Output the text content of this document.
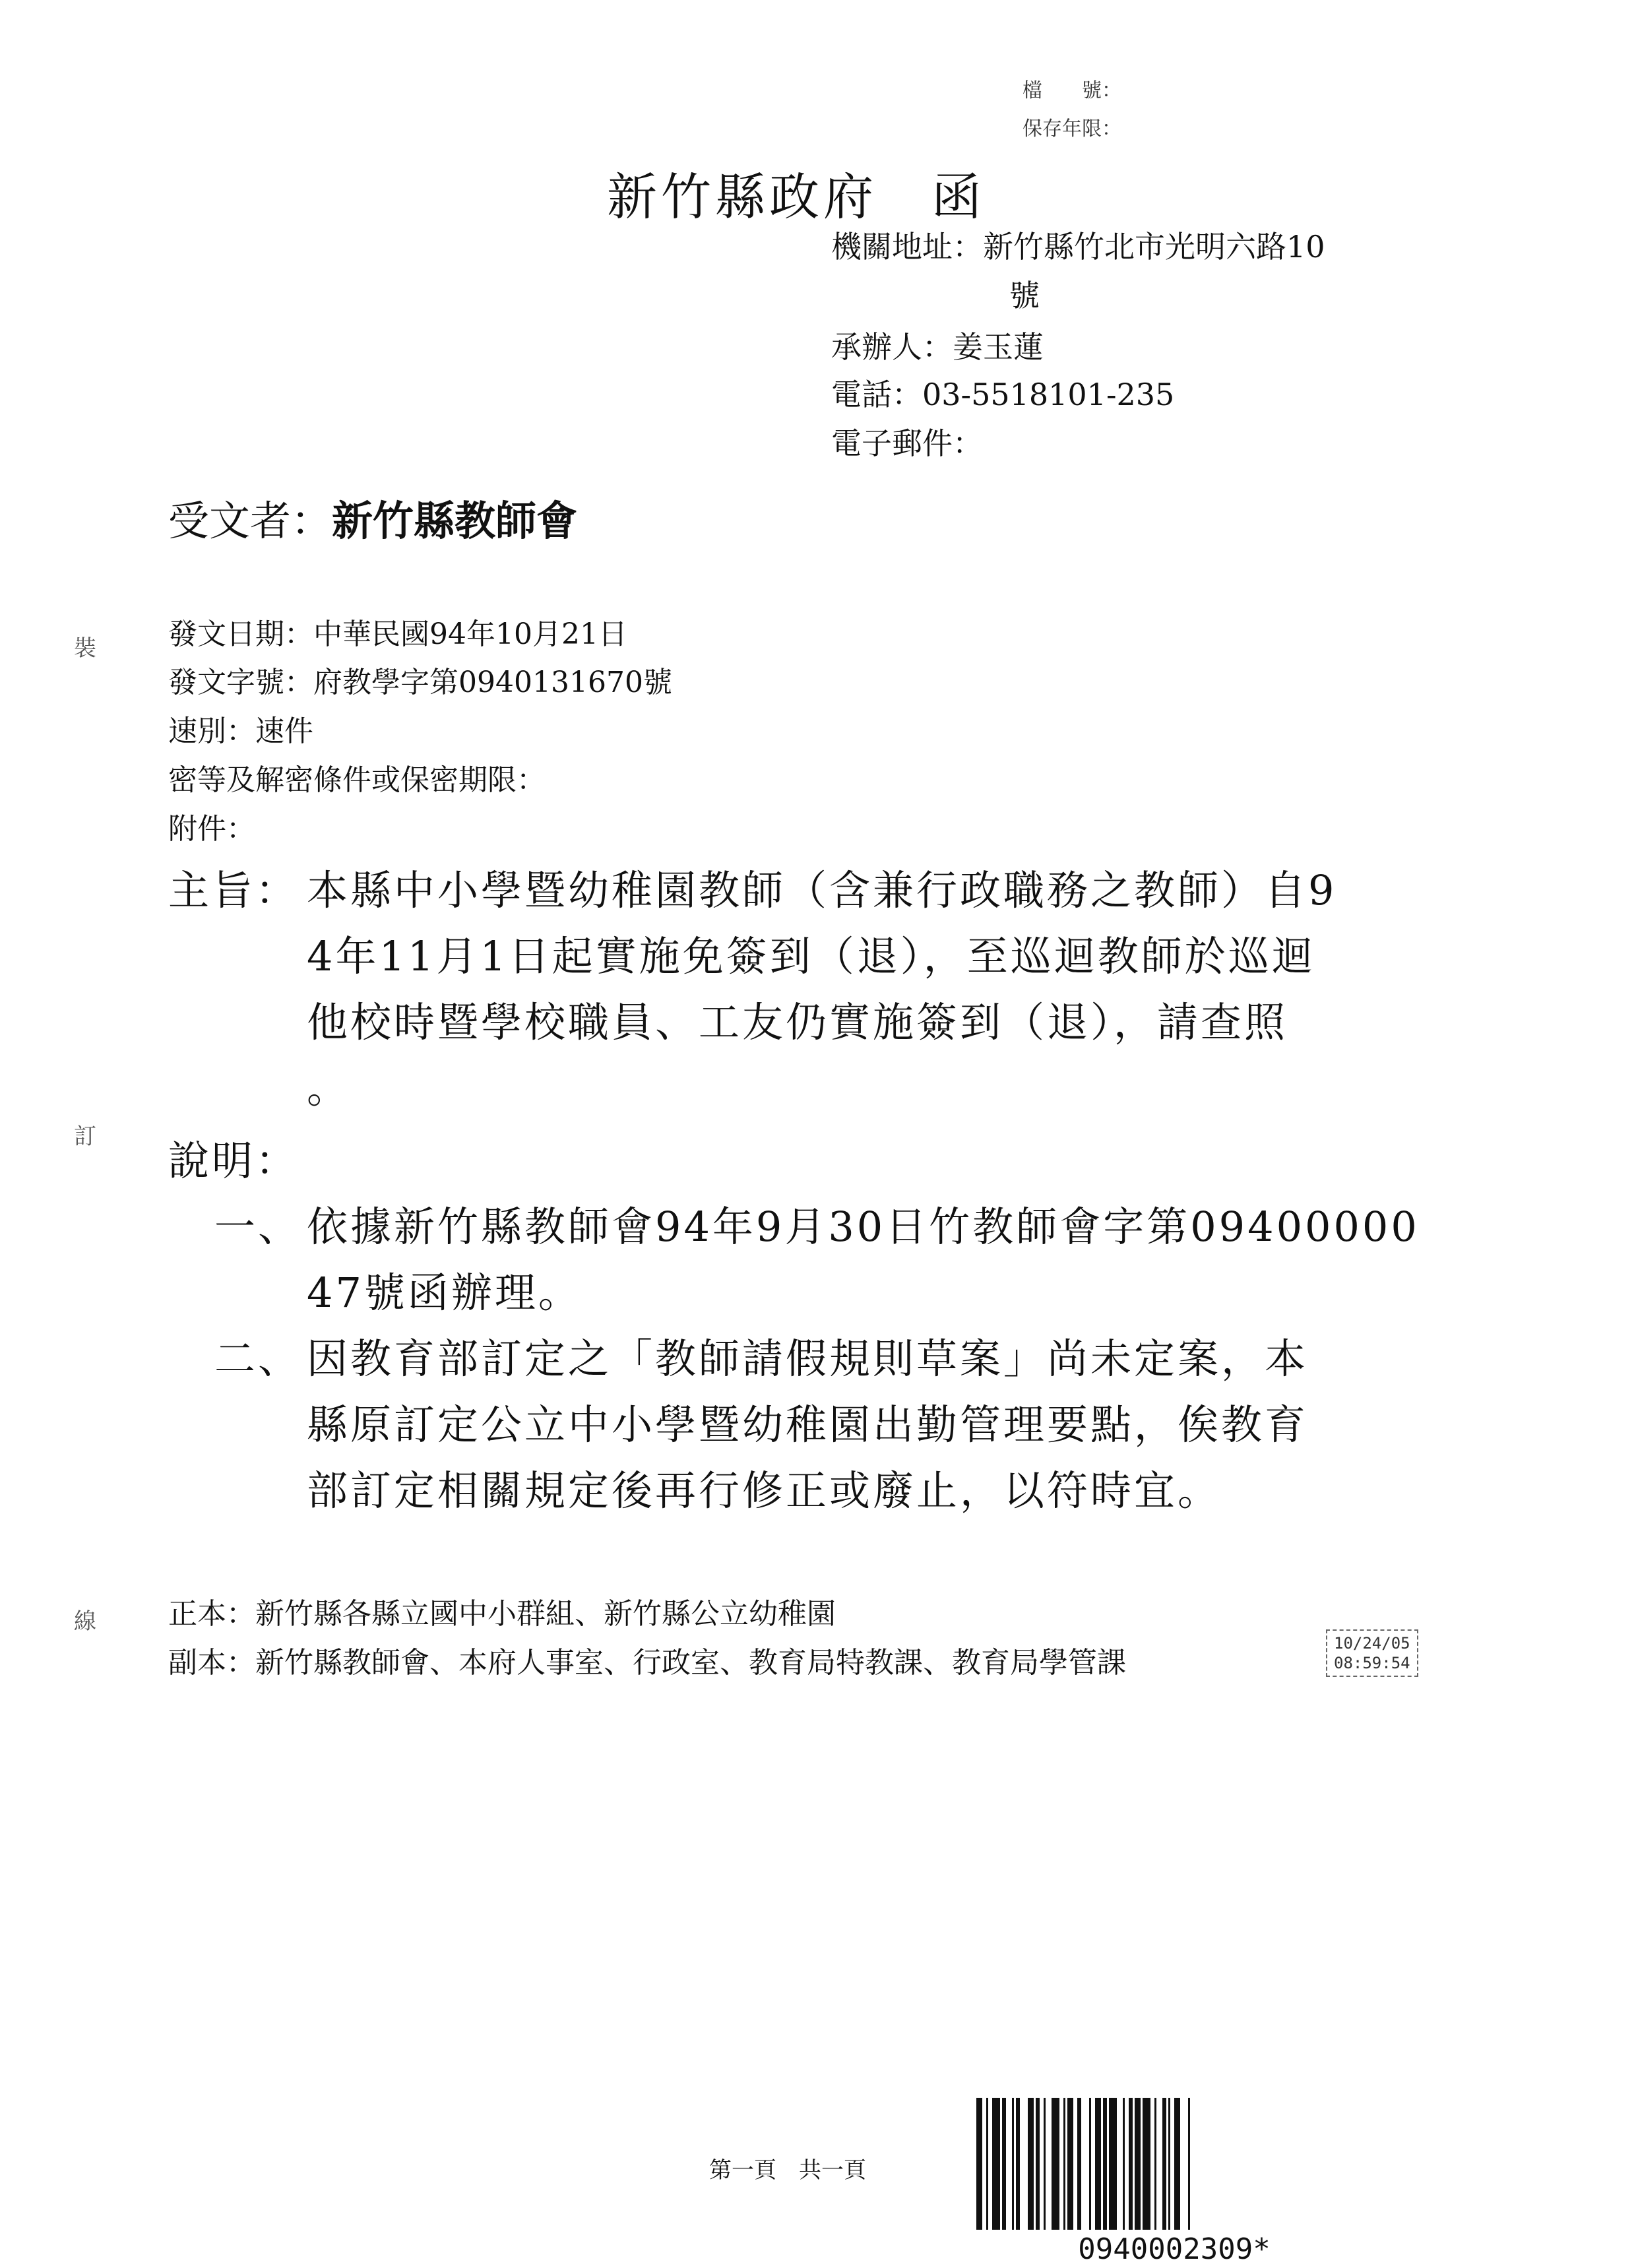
檔　　號：
保存年限：
新竹縣政府　函
機關地址：新竹縣竹北市光明六路10
號
承辦人：姜玉蓮
電話：03-5518101-235
電子郵件：
受文者：新竹縣教師會
裝
訂
線
發文日期：中華民國94年10月21日
發文字號：府教學字第0940131670號
速別：速件
密等及解密條件或保密期限：
附件：
主旨： 本縣中小學暨幼稚園教師（含兼行政職務之教師）自9
4年11月1日起實施免簽到（退），至巡迴教師於巡迴
他校時暨學校職員、工友仍實施簽到（退），請查照
。
說明：
一、 依據新竹縣教師會94年9月30日竹教師會字第09400000
47號函辦理。
二、 因教育部訂定之「教師請假規則草案」尚未定案，本
縣原訂定公立中小學暨幼稚園出勤管理要點，俟教育
部訂定相關規定後再行修正或廢止，以符時宜。
正本：新竹縣各縣立國中小群組、新竹縣公立幼稚園
副本：新竹縣教師會、本府人事室、行政室、教育局特教課、教育局學管課
10/24/05
08:59:54
第一頁　共一頁
0940002309*
